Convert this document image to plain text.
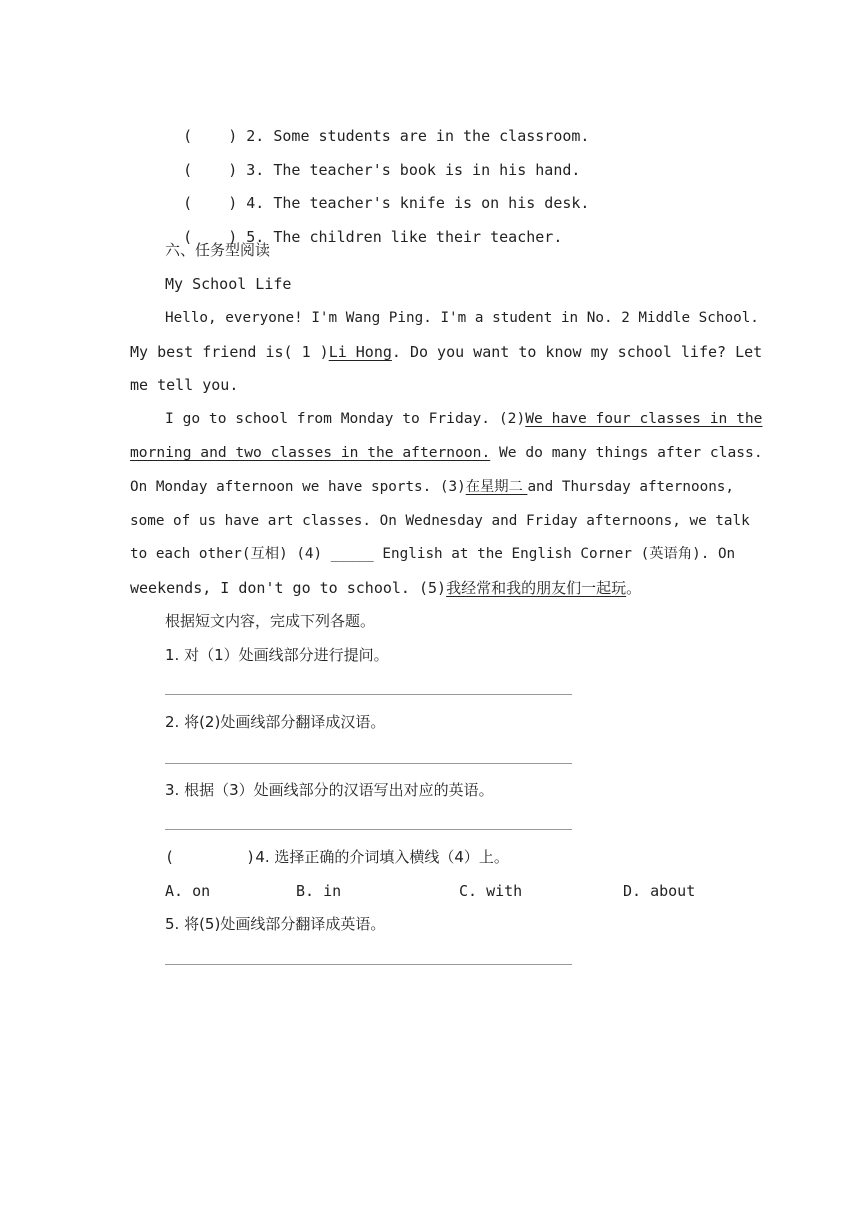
(    ) 2. Some students are in the classroom.

(    ) 3. The teacher's book is in his hand.

(    ) 4. The teacher's knife is on his desk.

(    ) 5. The children like their teacher.

六、任务型阅读
My School Life
Hello, everyone! I'm Wang Ping. I'm a student in No. 2 Middle School.
My best friend is( 1 )Li Hong. Do you want to know my school life? Let
me tell you.
I go to school from Monday to Friday. (2)We have four classes in the
morning and two classes in the afternoon. We do many things after class.
On Monday afternoon we have sports. (3)在星期二 and Thursday afternoons,
some of us have art classes. On Wednesday and Friday afternoons, we talk
to each other(互相) (4) _____ English at the English Corner (英语角). On
weekends, I don't go to school. (5)我经常和我的朋友们一起玩。
根据短文内容，完成下列各题。
1. 对（1）处画线部分进行提问。
2. 将(2)处画线部分翻译成汉语。
3. 根据（3）处画线部分的汉语写出对应的英语。
(        )4. 选择正确的介词填入横线（4）上。
A. on	B. in	C. with	D. about
5. 将(5)处画线部分翻译成英语。
